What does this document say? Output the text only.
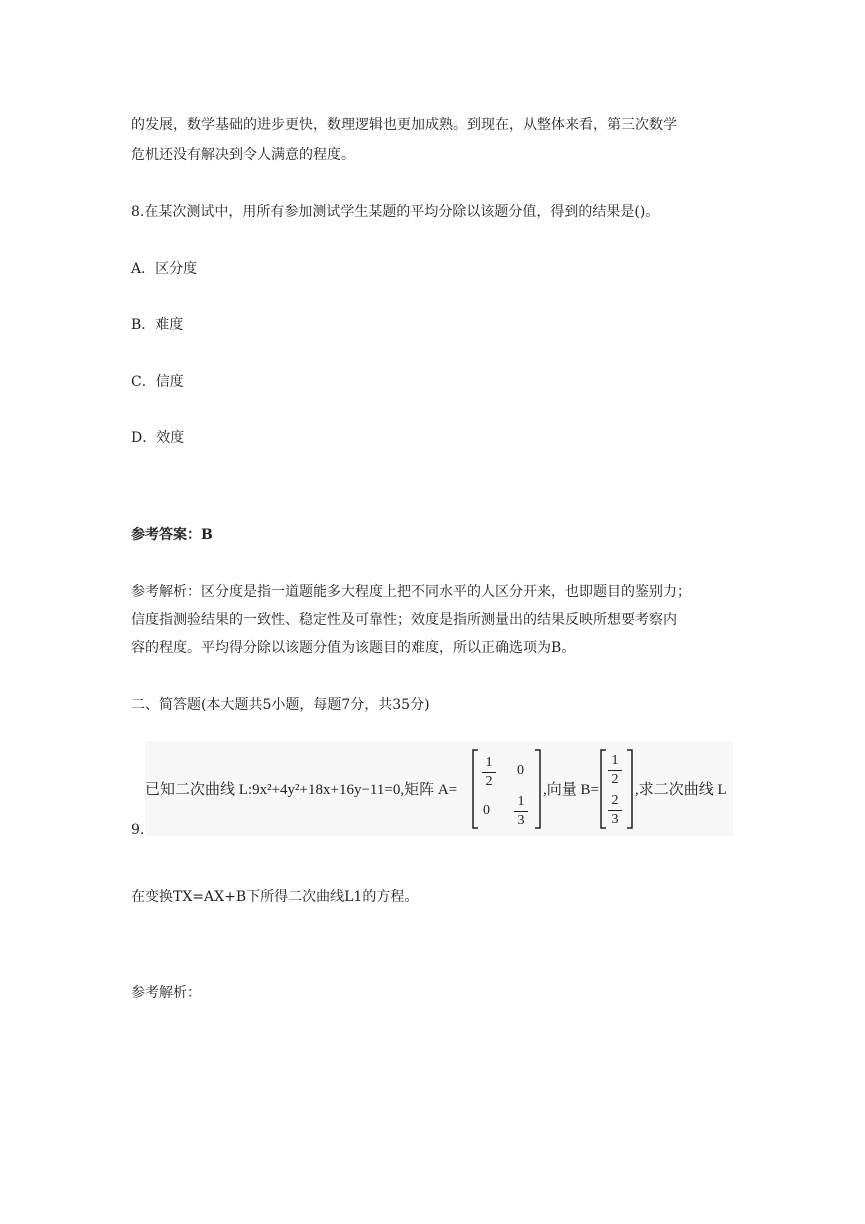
的发展，数学基础的进步更快，数理逻辑也更加成熟。到现在，从整体来看，第三次数学
危机还没有解决到令人满意的程度。
8.在某次测试中，用所有参加测试学生某题的平均分除以该题分值，得到的结果是()。
A．区分度
B．难度
C．信度
D．效度
参考答案：B
参考解析：区分度是指一道题能多大程度上把不同水平的人区分开来，也即题目的鉴别力；
信度指测验结果的一致性、稳定性及可靠性；效度是指所测量出的结果反映所想要考察内
容的程度。平均得分除以该题分值为该题目的难度，所以正确选项为B。
二、简答题(本大题共5小题，每题7分，共35分)
9.
已知二次曲线 L:9x²+4y²+18x+16y−11=0,矩阵 A=
1
2
0
0
1
3
,向量 B=
1
2
2
3
,求二次曲线 L
在变换TX=AX+B下所得二次曲线L1的方程。
参考解析：
